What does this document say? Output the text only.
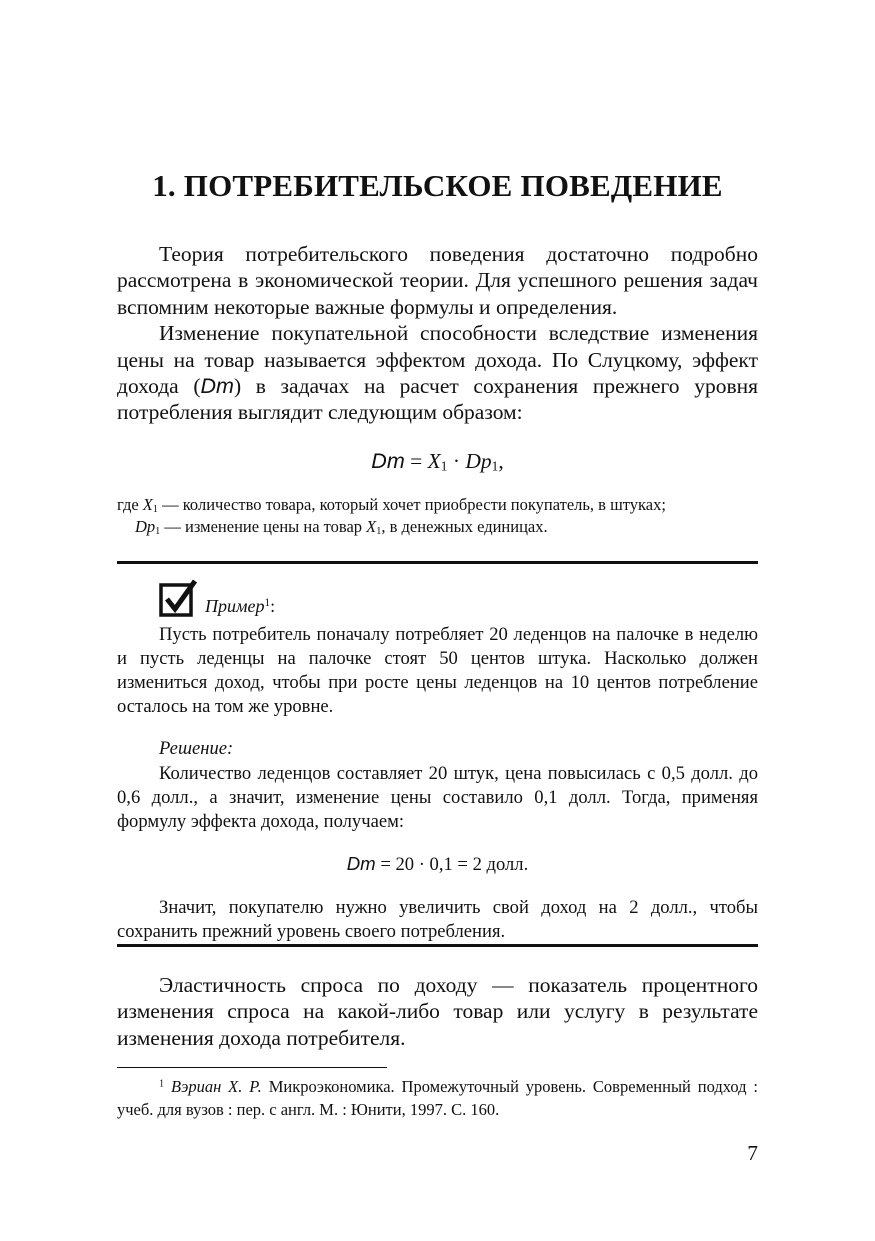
1. ПОТРЕБИТЕЛЬСКОЕ ПОВЕДЕНИЕ

Теория потребительского поведения достаточно подробно рассмотрена в экономической теории. Для успешного решения задач вспомним некоторые важные формулы и определения.

Изменение покупательной способности вследствие изменения цены на товар называется эффектом дохода. По Слуцкому, эффект дохода (Dm) в задачах на расчет сохранения прежнего уровня потребления выглядит следующим образом:

$Dm = X_1 \cdot Dp_1$,
где $X_1$ — количество товара, который хочет приобрести покупатель, в штуках;
$Dp_1$ — изменение цены на товар $X_1$, в денежных единицах.
Пример$^1$:

Пусть потребитель поначалу потребляет 20 леденцов на палочке в неделю и пусть леденцы на палочке стоят 50 центов штука. Насколько должен измениться доход, чтобы при росте цены леденцов на 10 центов потребление осталось на том же уровне.

Решение:

Количество леденцов составляет 20 штук, цена повысилась с 0,5 долл. до 0,6 долл., а значит, изменение цены составило 0,1 долл. Тогда, применяя формулу эффекта дохода, получаем:

Dm = 20 · 0,1 = 2 долл.

Значит, покупателю нужно увеличить свой доход на 2 долл., чтобы сохранить прежний уровень своего потребления.

Эластичность спроса по доходу — показатель процентного изменения спроса на какой-либо товар или услугу в результате изменения дохода потребителя.

$^1$ Вэриан Х. Р. Микроэкономика. Промежуточный уровень. Современный подход : учеб. для вузов : пер. с англ. М. : Юнити, 1997. С. 160.

7
